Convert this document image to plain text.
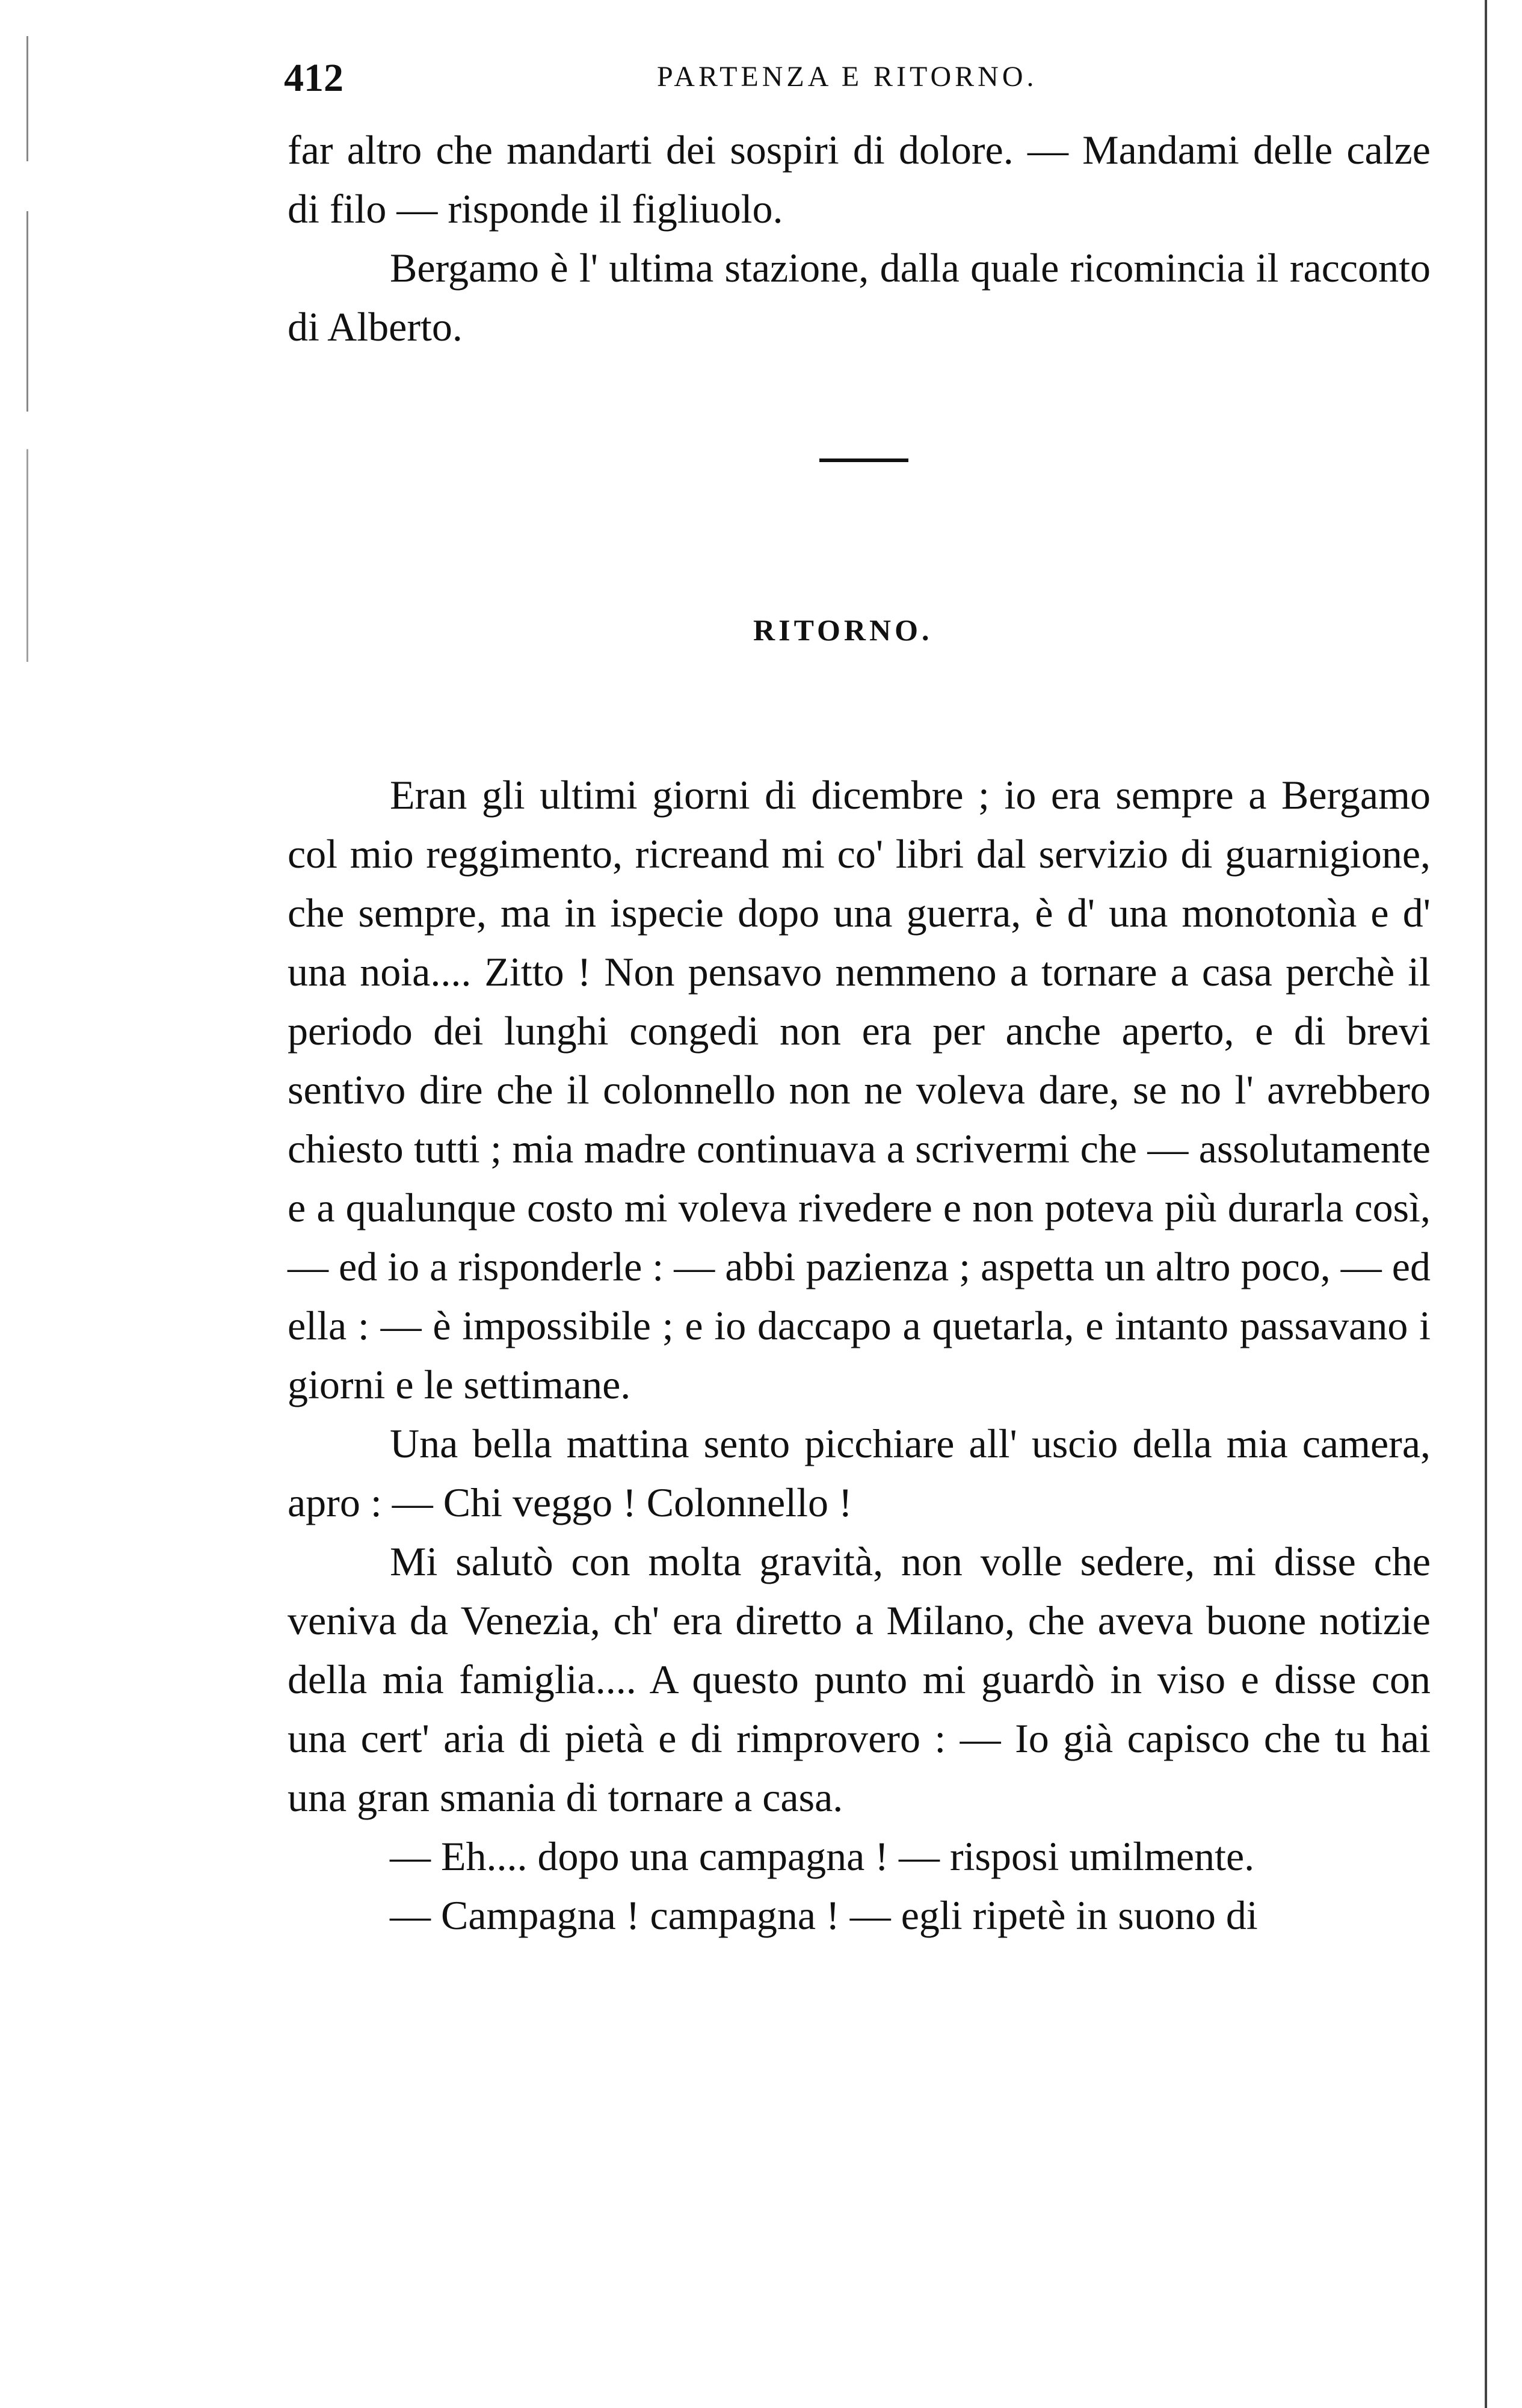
412	PARTENZA E RITORNO.

far altro che mandarti dei sospiri di dolore. — Mandami delle calze di filo — risponde il figliuolo.

Bergamo è l' ultima stazione, dalla quale ricomincia il racconto di Alberto.

RITORNO.

Eran gli ultimi giorni di dicembre ; io era sempre a Bergamo col mio reggimento, ricreand mi co' libri dal servizio di guarnigione, che sempre, ma in ispecie dopo una guerra, è d' una monotonìa e d' una noia.... Zitto ! Non pensavo nemmeno a tornare a casa perchè il periodo dei lunghi congedi non era per anche aperto, e di brevi sentivo dire che il colonnello non ne voleva dare, se no l' avrebbero chiesto tutti ; mia madre continuava a scrivermi che — assolutamente e a qualunque costo mi voleva rivedere e non poteva più durarla così, — ed io a risponderle : — abbi pazienza ; aspetta un altro poco, — ed ella : — è impossibile ; e io daccapo a quetarla, e intanto passavano i giorni e le settimane.

Una bella mattina sento picchiare all' uscio della mia camera, apro : — Chi veggo ! Colonnello !

Mi salutò con molta gravità, non volle sedere, mi disse che veniva da Venezia, ch' era diretto a Milano, che aveva buone notizie della mia famiglia.... A questo punto mi guardò in viso e disse con una cert' aria di pietà e di rimprovero : — Io già capisco che tu hai una gran smania di tornare a casa.

— Eh.... dopo una campagna ! — risposi umilmente.

— Campagna ! campagna ! — egli ripetè in suono di
